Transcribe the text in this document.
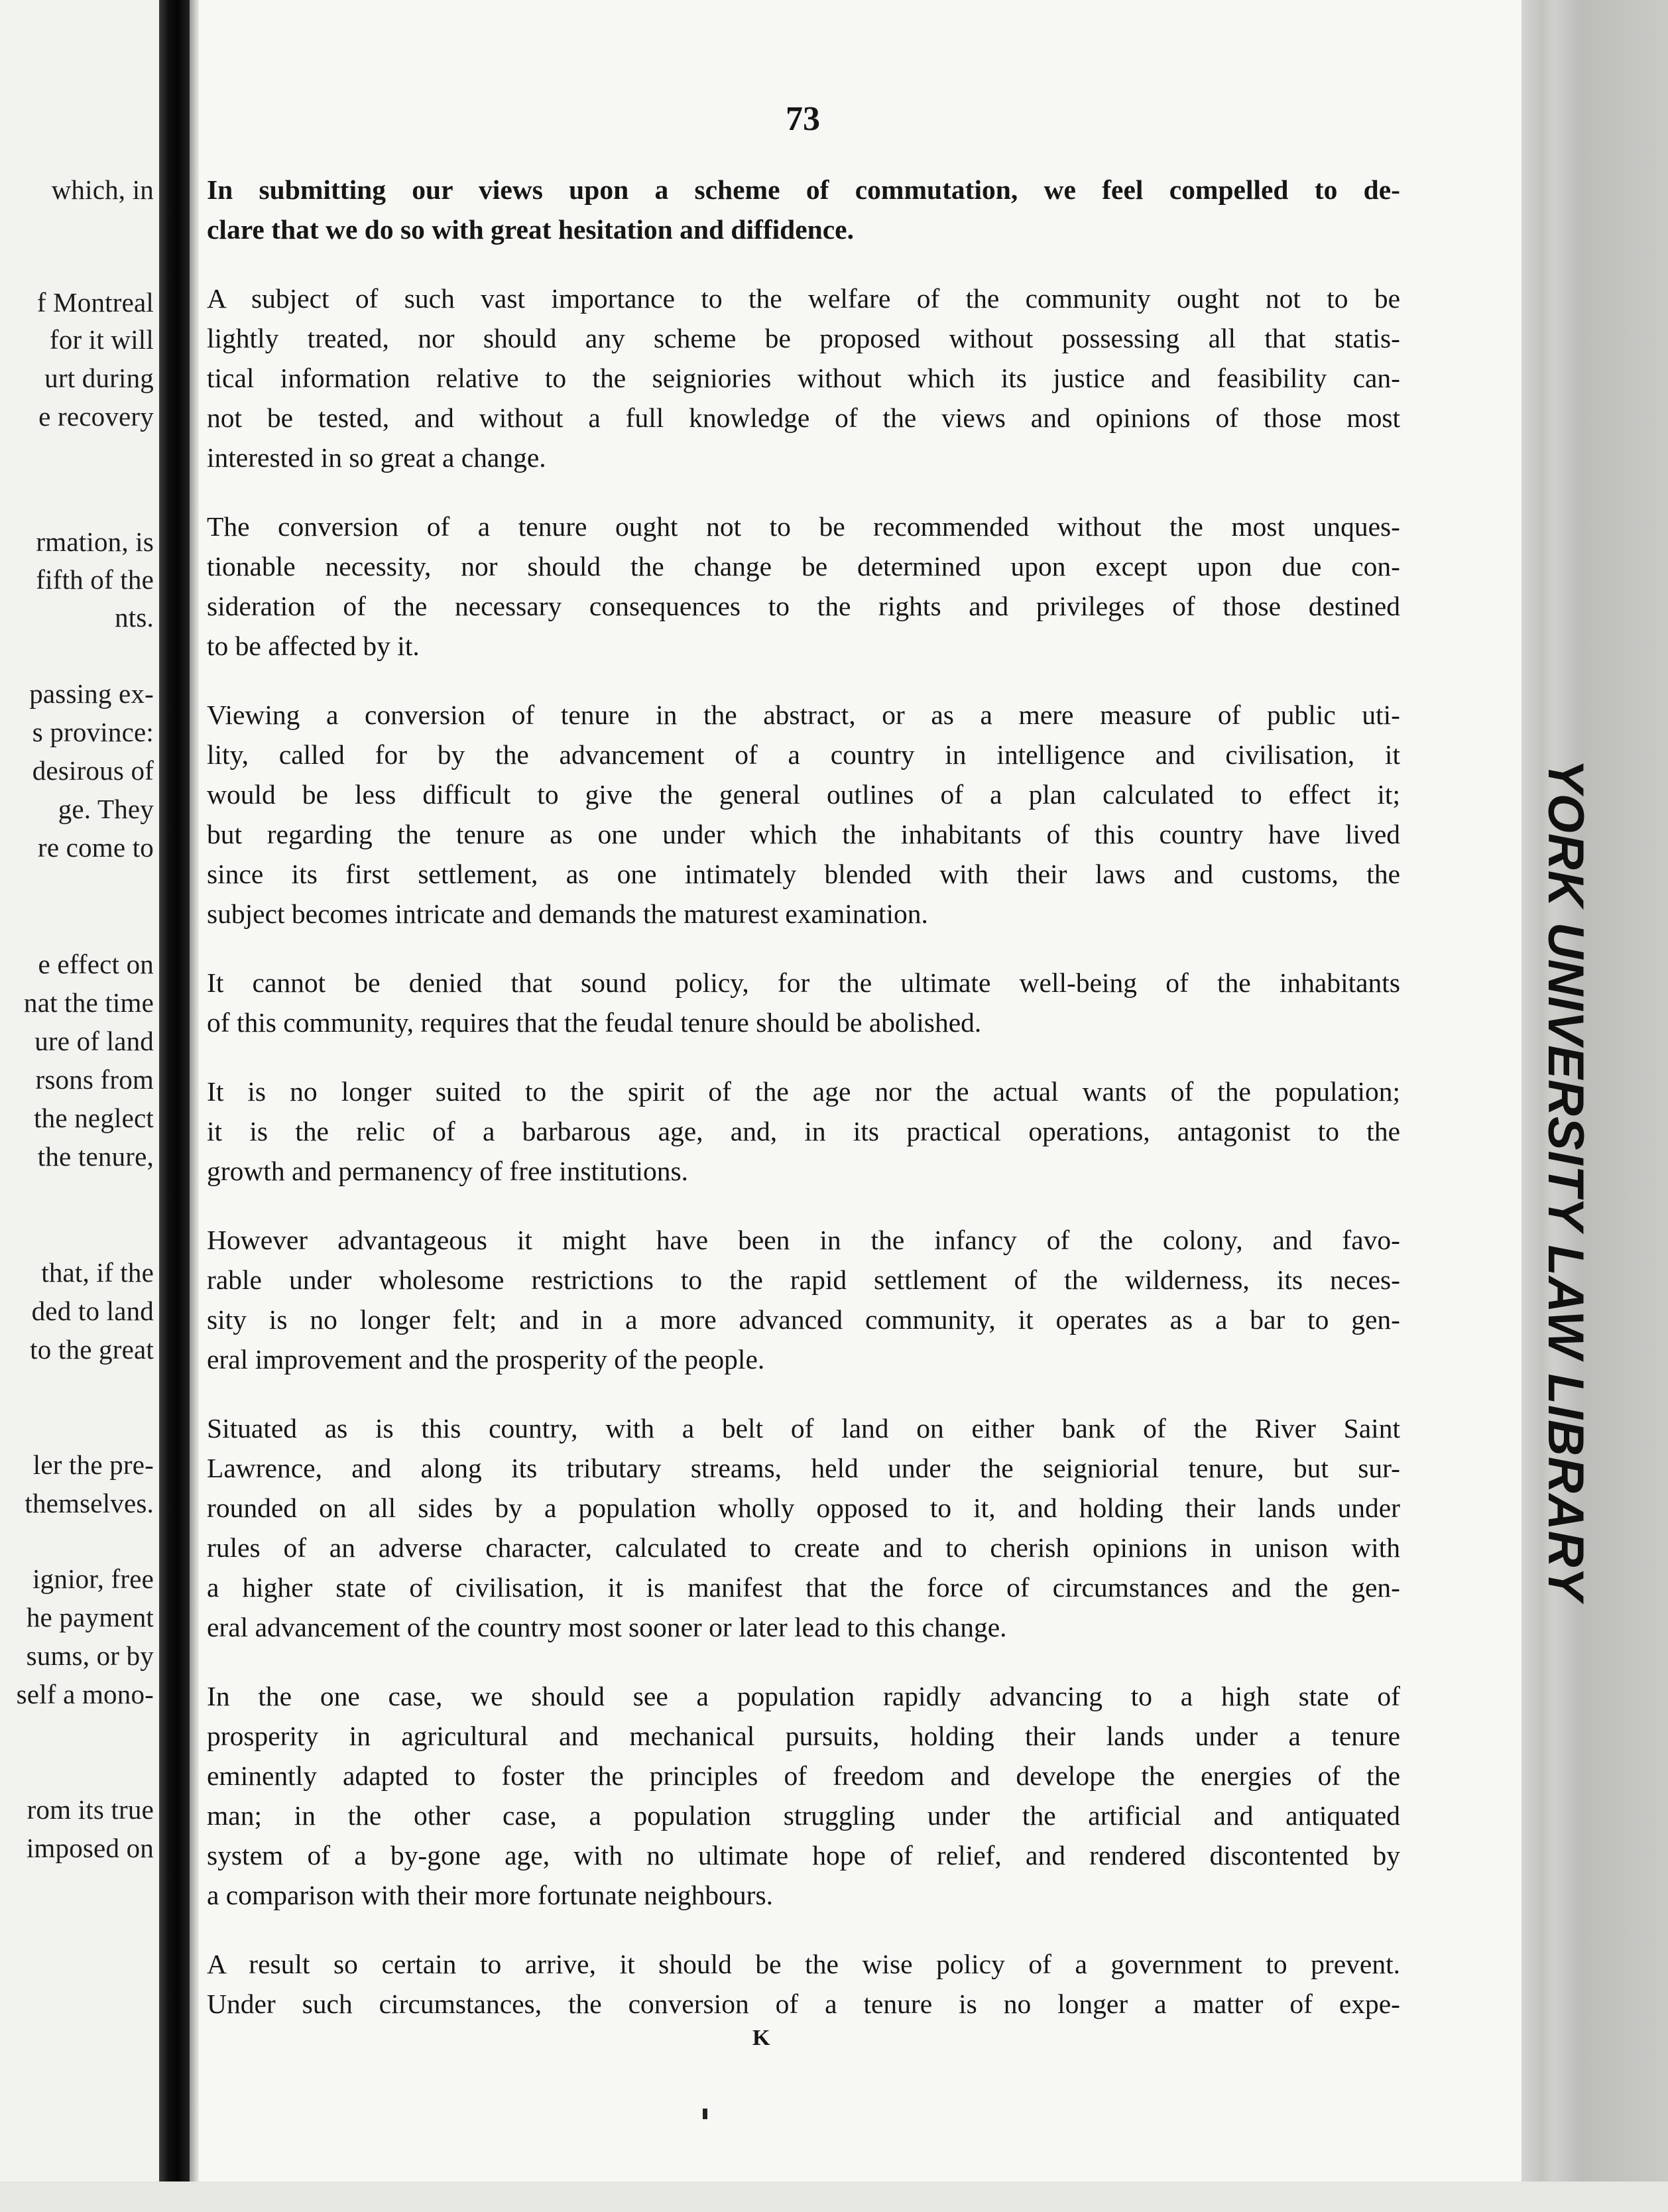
which, in
f Montreal
for it will
urt during
e recovery
rmation, is
fifth of the
nts.
passing ex-
s province:
desirous of
ge. They
re come to
e effect on
nat the time
ure of land
rsons from
the neglect
the tenure,
that, if the
ded to land
to the great
ler the pre-
themselves.
ignior, free
he payment
sums, or by
self a mono-
rom its true
imposed on
73
In submitting our views upon a scheme of commutation, we feel compelled to de-
clare that we do so with great hesitation and diffidence.
A subject of such vast importance to the welfare of the community ought not to be
lightly treated, nor should any scheme be proposed without possessing all that statis-
tical information relative to the seigniories without which its justice and feasibility can-
not be tested, and without a full knowledge of the views and opinions of those most
interested in so great a change.
The conversion of a tenure ought not to be recommended without the most unques-
tionable necessity, nor should the change be determined upon except upon due con-
sideration of the necessary consequences to the rights and privileges of those destined
to be affected by it.
Viewing a conversion of tenure in the abstract, or as a mere measure of public uti-
lity, called for by the advancement of a country in intelligence and civilisation, it
would be less difficult to give the general outlines of a plan calculated to effect it;
but regarding the tenure as one under which the inhabitants of this country have lived
since its first settlement, as one intimately blended with their laws and customs, the
subject becomes intricate and demands the maturest examination.
It cannot be denied that sound policy, for the ultimate well-being of the inhabitants
of this community, requires that the feudal tenure should be abolished.
It is no longer suited to the spirit of the age nor the actual wants of the population;
it is the relic of a barbarous age, and, in its practical operations, antagonist to the
growth and permanency of free institutions.
However advantageous it might have been in the infancy of the colony, and favo-
rable under wholesome restrictions to the rapid settlement of the wilderness, its neces-
sity is no longer felt; and in a more advanced community, it operates as a bar to gen-
eral improvement and the prosperity of the people.
Situated as is this country, with a belt of land on either bank of the River Saint
Lawrence, and along its tributary streams, held under the seigniorial tenure, but sur-
rounded on all sides by a population wholly opposed to it, and holding their lands under
rules of an adverse character, calculated to create and to cherish opinions in unison with
a higher state of civilisation, it is manifest that the force of circumstances and the gen-
eral advancement of the country most sooner or later lead to this change.
In the one case, we should see a population rapidly advancing to a high state of
prosperity in agricultural and mechanical pursuits, holding their lands under a tenure
eminently adapted to foster the principles of freedom and develope the energies of the
man; in the other case, a population struggling under the artificial and antiquated
system of a by-gone age, with no ultimate hope of relief, and rendered discontented by
a comparison with their more fortunate neighbours.
A result so certain to arrive, it should be the wise policy of a government to prevent.
Under such circumstances, the conversion of a tenure is no longer a matter of expe-
K
YORK UNIVERSITY LAW LIBRARY
